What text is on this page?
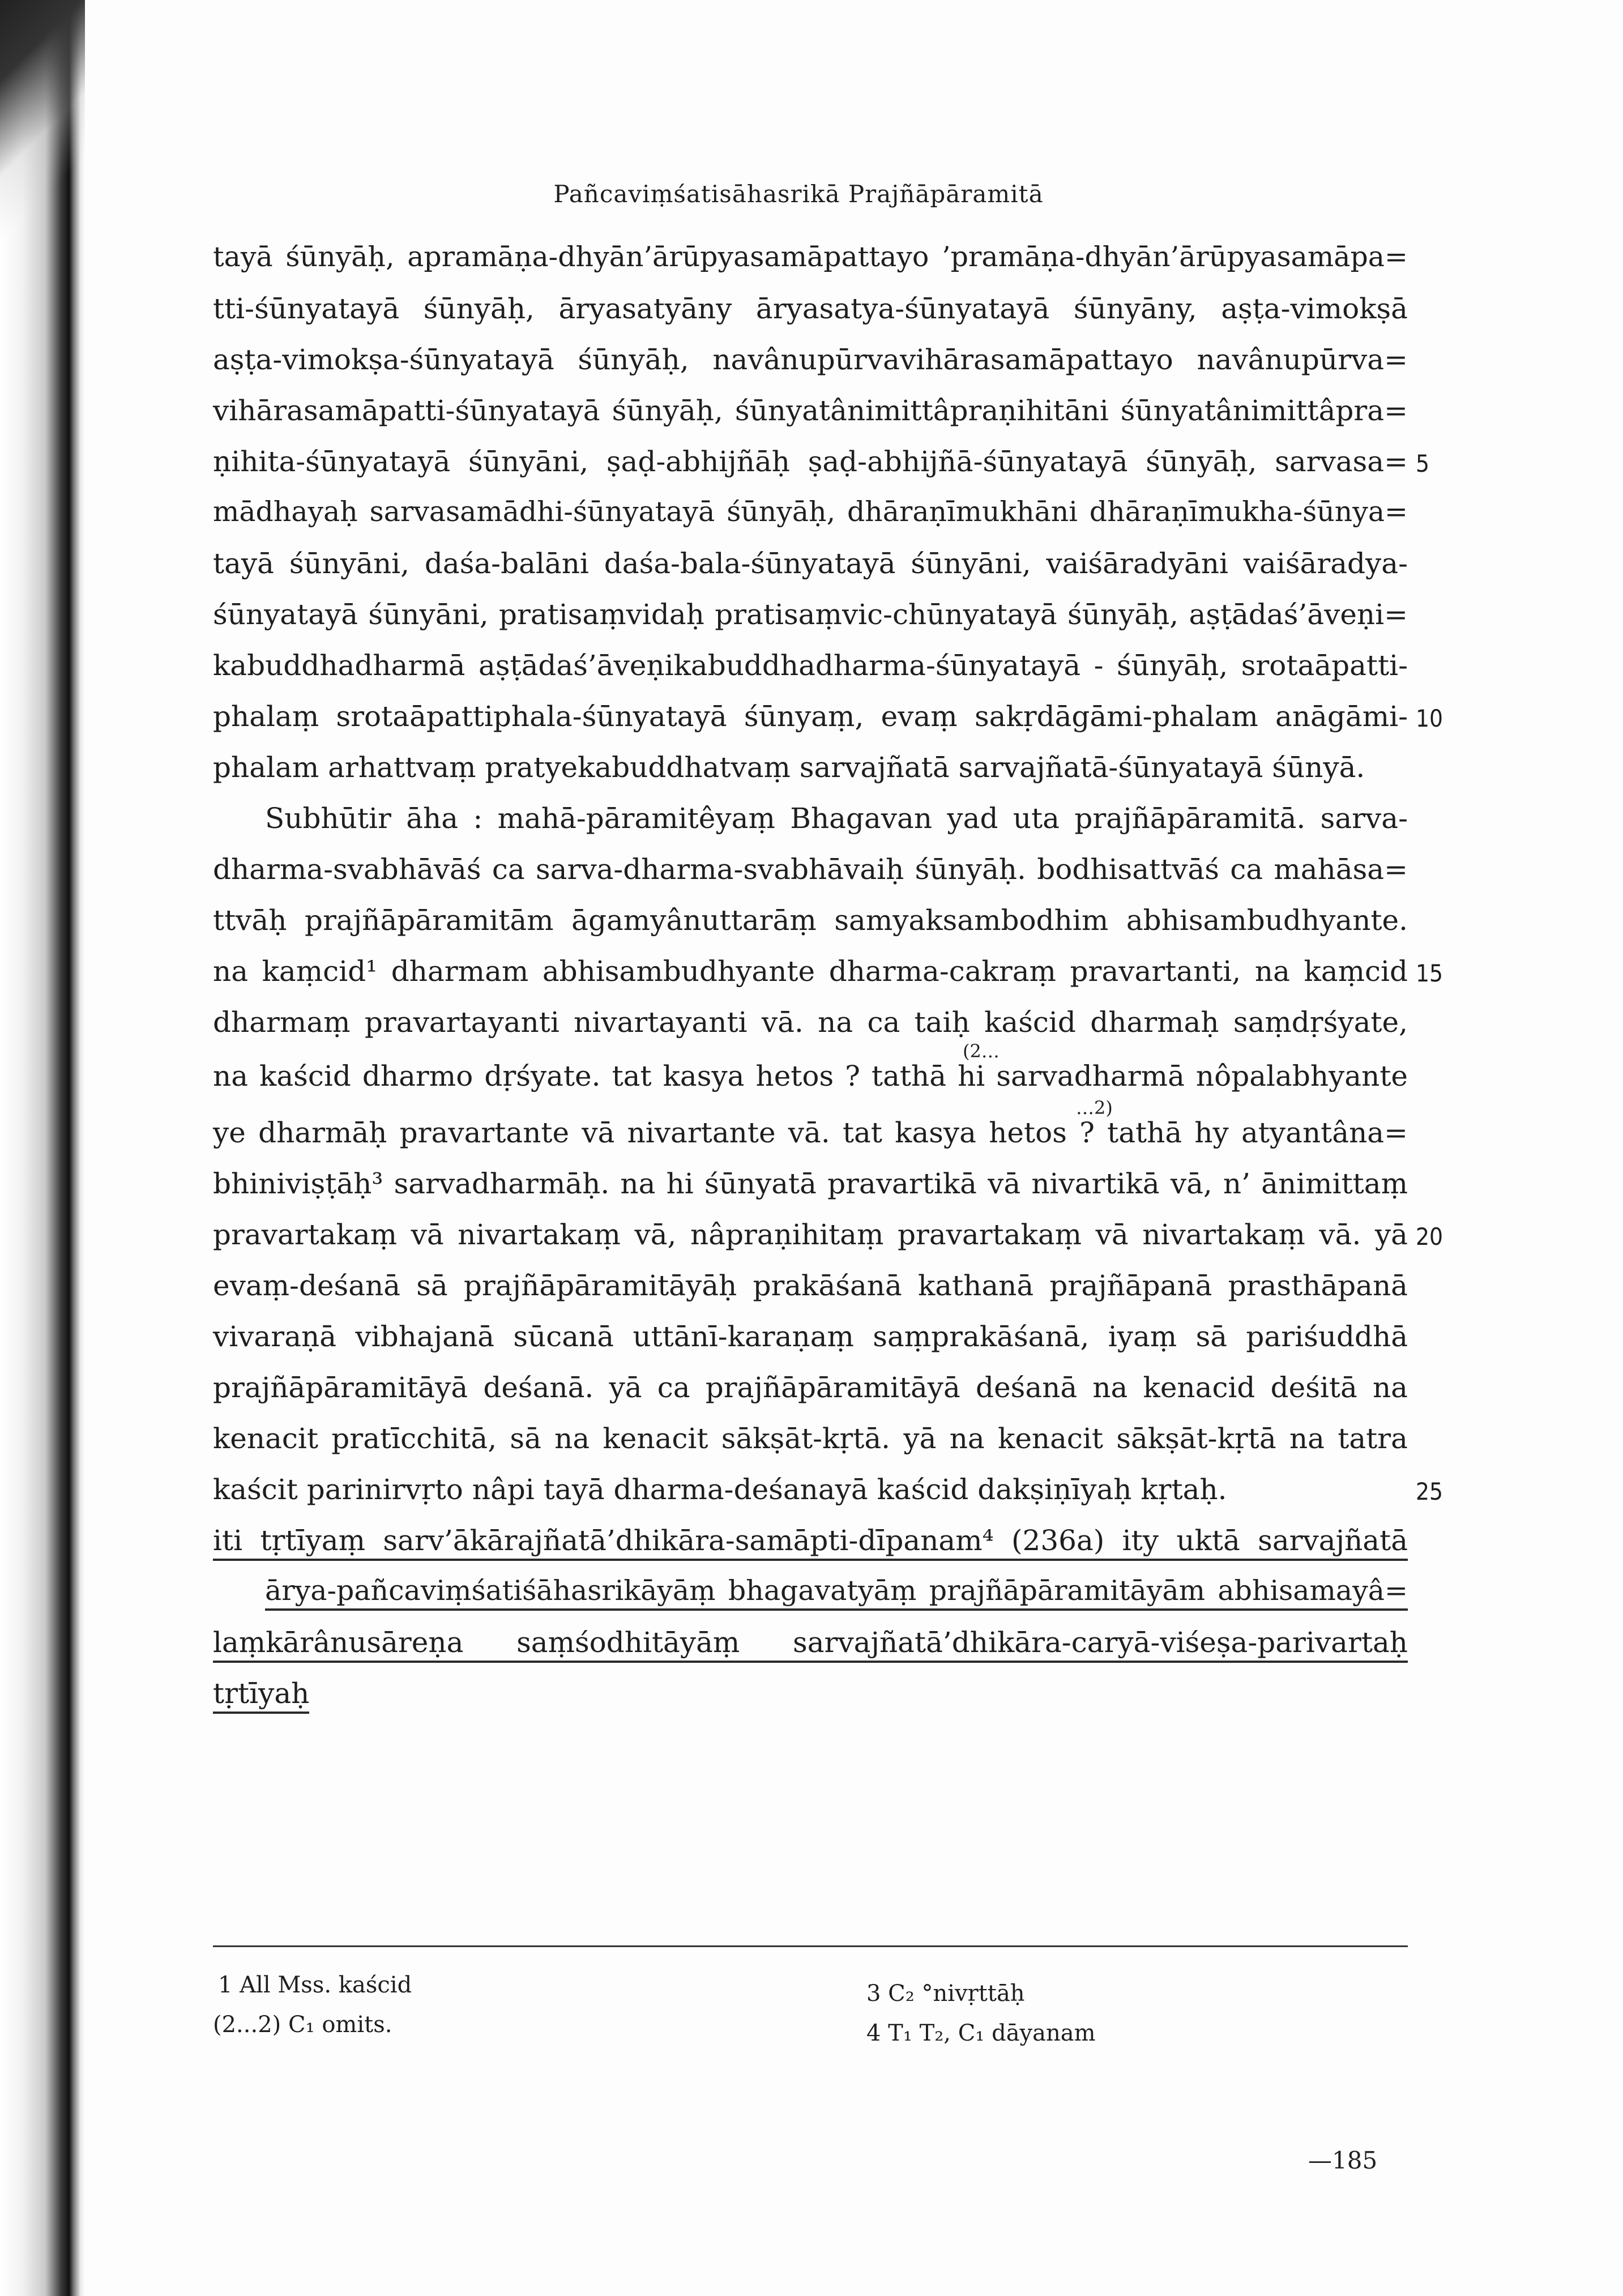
Pañcaviṃśatisāhasrikā Prajñāpāramitā
tayā śūnyāḥ, apramāṇa-dhyān’ārūpyasamāpattayo ’pramāṇa-dhyān’ārūpyasamāpa=
tti-śūnyatayā śūnyāḥ, āryasatyāny āryasatya-śūnyatayā śūnyāny, aṣṭa-vimokṣā
aṣṭa-vimokṣa-śūnyatayā śūnyāḥ, navânupūrvavihārasamāpattayo navânupūrva=
vihārasamāpatti-śūnyatayā śūnyāḥ, śūnyatânimittâpraṇihitāni śūnyatânimittâpra=
ṇihita-śūnyatayā śūnyāni, ṣaḍ-abhijñāḥ ṣaḍ-abhijñā-śūnyatayā śūnyāḥ, sarvasa=
mādhayaḥ sarvasamādhi-śūnyatayā śūnyāḥ, dhāraṇīmukhāni dhāraṇīmukha-śūnya=
tayā śūnyāni, daśa-balāni daśa-bala-śūnyatayā śūnyāni, vaiśāradyāni vaiśāradya-
śūnyatayā śūnyāni, pratisaṃvidaḥ pratisaṃvic-chūnyatayā śūnyāḥ, aṣṭādaś’āveṇi=
kabuddhadharmā aṣṭādaś’āveṇikabuddhadharma-śūnyatayā - śūnyāḥ, srotaāpatti-
phalaṃ srotaāpattiphala-śūnyatayā śūnyaṃ, evaṃ sakṛdāgāmi-phalam anāgāmi-
phalam arhattvaṃ pratyekabuddhatvaṃ sarvajñatā sarvajñatā-śūnyatayā śūnyā.
Subhūtir āha : mahā-pāramitêyaṃ Bhagavan yad uta prajñāpāramitā. sarva-
dharma-svabhāvāś ca sarva-dharma-svabhāvaiḥ śūnyāḥ. bodhisattvāś ca mahāsa=
ttvāḥ prajñāpāramitām āgamyânuttarāṃ samyaksambodhim abhisambudhyante.
na kaṃcid¹ dharmam abhisambudhyante dharma-cakraṃ pravartanti, na kaṃcid
dharmaṃ pravartayanti nivartayanti vā. na ca taiḥ kaścid dharmaḥ saṃdṛśyate,
na kaścid dharmo dṛśyate. tat kasya hetos ? tathā hi sarvadharmā nôpalabhyante
ye dharmāḥ pravartante vā nivartante vā. tat kasya hetos ? tathā hy atyantâna=
bhiniviṣṭāḥ³ sarvadharmāḥ. na hi śūnyatā pravartikā vā nivartikā vā, n’ ānimittaṃ
pravartakaṃ vā nivartakaṃ vā, nâpraṇihitaṃ pravartakaṃ vā nivartakaṃ vā. yā
evaṃ-deśanā sā prajñāpāramitāyāḥ prakāśanā kathanā prajñāpanā prasthāpanā
vivaraṇā vibhajanā sūcanā uttānī-karaṇaṃ saṃprakāśanā, iyaṃ sā pariśuddhā
prajñāpāramitāyā deśanā. yā ca prajñāpāramitāyā deśanā na kenacid deśitā na
kenacit pratīcchitā, sā na kenacit sākṣāt-kṛtā. yā na kenacit sākṣāt-kṛtā na tatra
kaścit parinirvṛto nâpi tayā dharma-deśanayā kaścid dakṣiṇīyaḥ kṛtaḥ.
iti tṛtīyaṃ sarv’ākārajñatā’dhikāra-samāpti-dīpanam⁴ (236a) ity uktā sarvajñatā
ārya-pañcaviṃśatiśāhasrikāyāṃ bhagavatyāṃ prajñāpāramitāyām abhisamayâ=
laṃkārânusāreṇa saṃśodhitāyāṃ sarvajñatā’dhikāra-caryā-viśeṣa-parivartaḥ
tṛtīyaḥ
5
10
15
20
25
(2…
…2)
1 All Mss. kaścid
(2...2) C₁ omits.
3 C₂ °nivṛttāḥ
4 T₁ T₂, C₁ dāyanam
—185
